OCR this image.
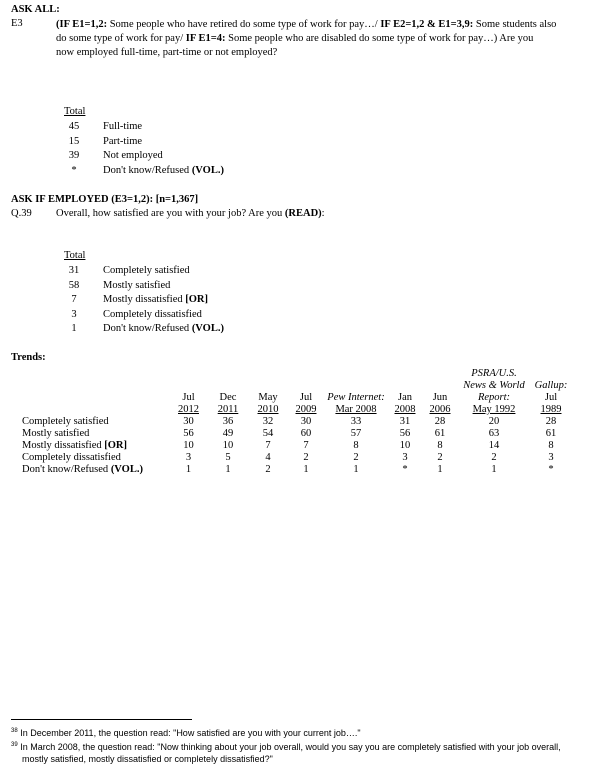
ASK ALL:
E3	(IF E1=1,2: Some people who have retired do some type of work for pay…/ IF E2=1,2 & E1=3,9: Some students also
do some type of work for pay/ IF E1=4: Some people who are disabled do some type of work for pay…) Are you
now employed full-time, part-time or not employed?
Total
45	Full-time
15	Part-time
39	Not employed
*	Don't know/Refused (VOL.)
ASK IF EMPLOYED (E3=1,2): [n=1,367]
Q.39 Overall, how satisfied are you with your job? Are you (READ):
Total
31	Completely satisfied
58	Mostly satisfied
7	Mostly dissatisfied [OR]
3	Completely dissatisfied
1	Don't know/Refused (VOL.)
Trends:
								PSRA/U.S.	
								News & World	Gallup:
	Jul	Dec	May	Jul	Pew Internet:	Jan	Jun	Report:	Jul
	2012	2011	2010	2009	Mar 2008	2008	2006	May 1992	1989
Completely satisfied	30	36	32	30	33	31	28	20	28
Mostly satisfied	56	49	54	60	57	56	61	63	61
Mostly dissatisfied [OR]	10	10	7	7	8	10	8	14	8
Completely dissatisfied	3	5	4	2	2	3	2	2	3
Don't know/Refused (VOL.)	1	1	2	1	1	*	1	1	*
$^{38}$ In December 2011, the question read: "How satisfied are you with your current job…."
$^{39}$ In March 2008, the question read: "Now thinking about your job overall, would you say you are completely satisfied with your job overall,
mostly satisfied, mostly dissatisfied or completely dissatisfied?"
